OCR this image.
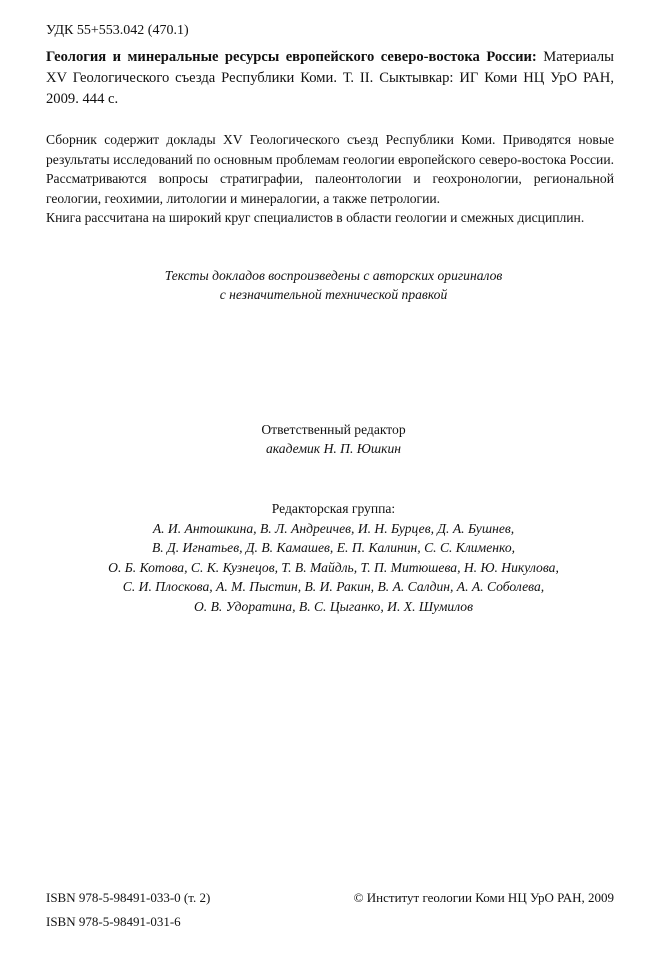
УДК 55+553.042 (470.1)
Геология и минеральные ресурсы европейского северо-востока России: Материалы XV Геологического съезда Республики Коми. Т. II. Сыктывкар: ИГ Коми НЦ УрО РАН, 2009. 444 с.

Сборник содержит доклады XV Геологического съезд Республики Коми. Приводятся новые результаты исследований по основным проблемам геологии европейского северо-востока России. Рассматриваются вопросы стратиграфии, палеонтологии и геохронологии, региональной геологии, геохимии, литологии и минералогии, а также петрологии.

Книга рассчитана на широкий круг специалистов в области геологии и смежных дисциплин.

Тексты докладов воспроизведены с авторских оригиналов
с незначительной технической правкой
Ответственный редактор
академик Н. П. Юшкин
Редакторская группа:
А. И. Антошкина, В. Л. Андреичев, И. Н. Бурцев, Д. А. Бушнев,
В. Д. Игнатьев, Д. В. Камашев, Е. П. Калинин, С. С. Клименко,
О. Б. Котова, С. К. Кузнецов, Т. В. Майдль, Т. П. Митюшева, Н. Ю. Никулова,
С. И. Плоскова, А. М. Пыстин, В. И. Ракин, В. А. Салдин, А. А. Соболева,
О. В. Удоратина, В. С. Цыганко, И. Х. Шумилов
ISBN 978-5-98491-033-0 (т. 2)
ISBN 978-5-98491-031-6
© Институт геологии Коми НЦ УрО РАН, 2009
